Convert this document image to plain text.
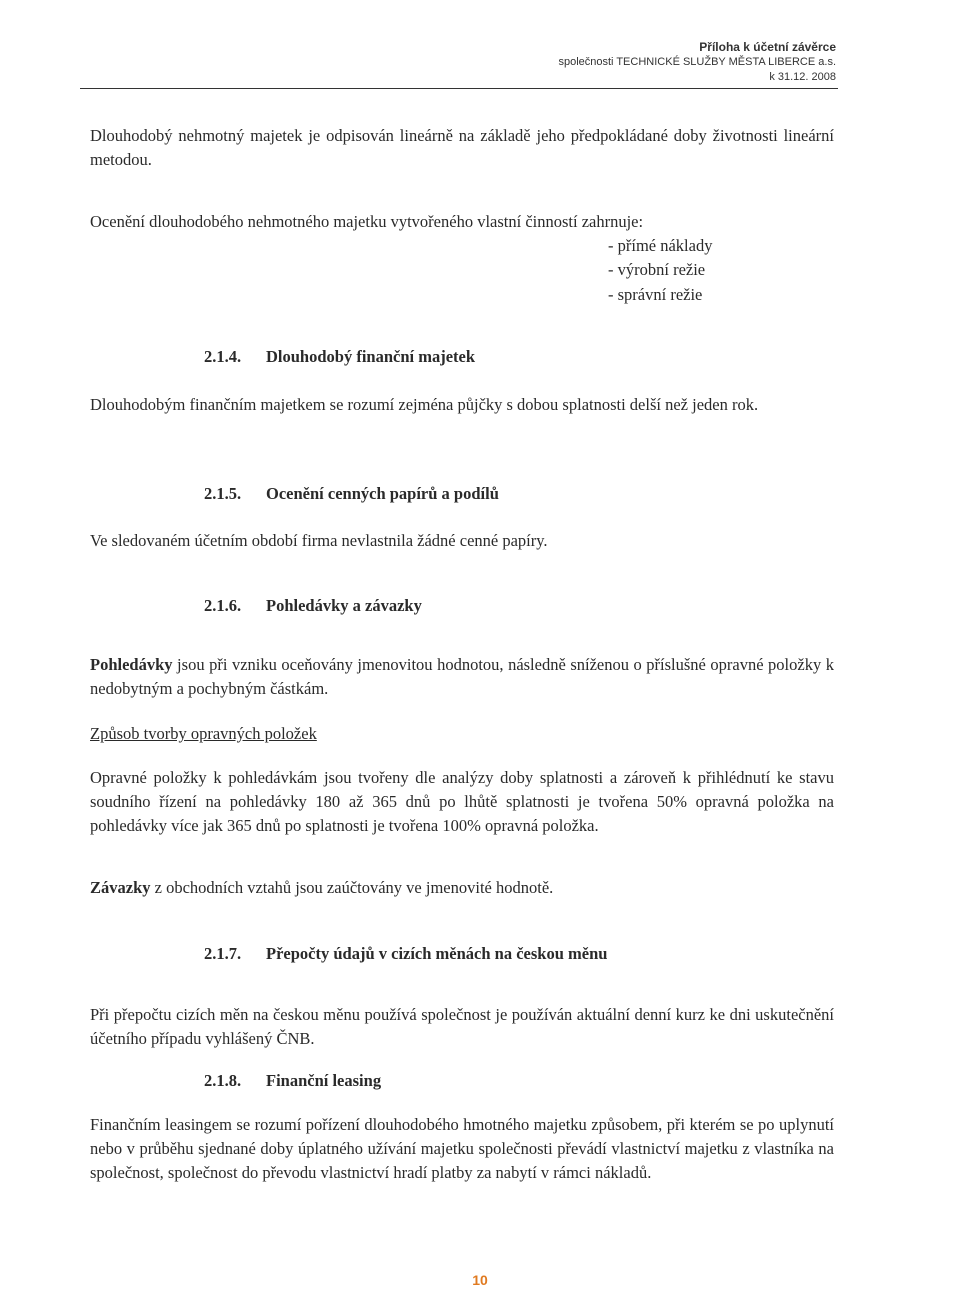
Příloha k účetní závěrce
společnosti TECHNICKÉ SLUŽBY MĚSTA LIBERCE a.s.
k 31.12. 2008
Dlouhodobý nehmotný majetek je odpisován lineárně na základě jeho předpokládané doby životnosti lineární metodou.
Ocenění dlouhodobého nehmotného majetku vytvořeného vlastní činností zahrnuje:
- přímé náklady
- výrobní režie
- správní režie
2.1.4. Dlouhodobý finanční majetek
Dlouhodobým finančním majetkem se rozumí zejména půjčky s dobou splatnosti delší než jeden rok.
2.1.5. Ocenění cenných papírů a podílů
Ve sledovaném účetním období firma nevlastnila žádné cenné papíry.
2.1.6. Pohledávky a závazky
Pohledávky jsou při vzniku oceňovány jmenovitou hodnotou, následně sníženou o příslušné opravné položky k nedobytným a pochybným částkám.
Způsob tvorby opravných položek
Opravné položky k pohledávkám jsou tvořeny dle analýzy doby splatnosti a zároveň k přihlédnutí ke stavu soudního řízení na pohledávky 180 až 365 dnů po lhůtě splatnosti je tvořena 50% opravná položka na pohledávky více jak 365 dnů po splatnosti je tvořena 100% opravná položka.
Závazky z obchodních vztahů jsou zaúčtovány ve jmenovité hodnotě.
2.1.7. Přepočty údajů v cizích měnách na českou měnu
Při přepočtu cizích měn na českou měnu používá společnost je používán aktuální denní kurz ke dni uskutečnění účetního případu vyhlášený ČNB.
2.1.8. Finanční leasing
Finančním leasingem se rozumí pořízení dlouhodobého hmotného majetku způsobem, při kterém se po uplynutí nebo v průběhu sjednané doby úplatného užívání majetku společnosti převádí vlastnictví majetku z vlastníka na společnost, společnost do převodu vlastnictví hradí platby za nabytí v rámci nákladů.
10
